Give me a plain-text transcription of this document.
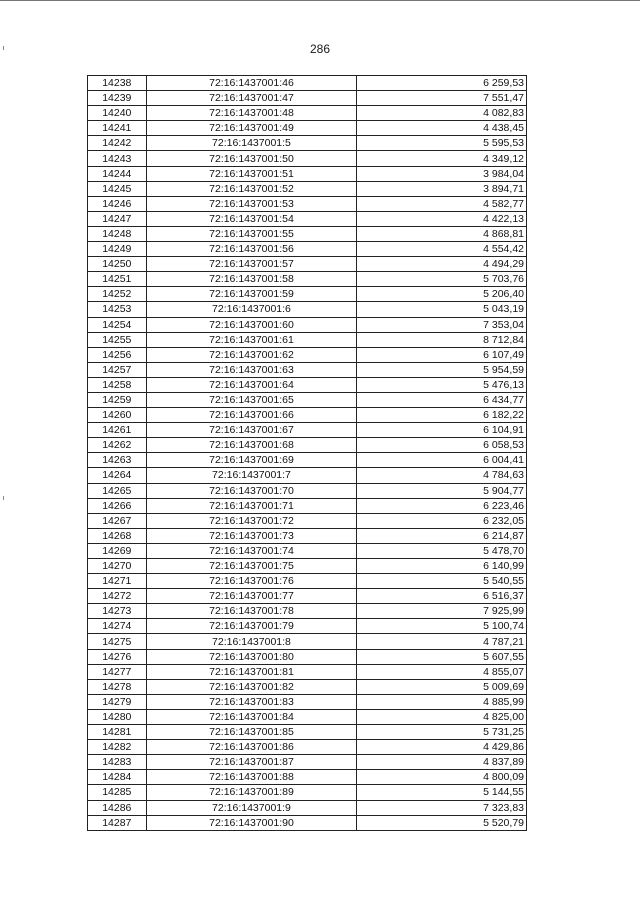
286
14238	72:16:1437001:46	6 259,53
14239	72:16:1437001:47	7 551,47
14240	72:16:1437001:48	4 082,83
14241	72:16:1437001:49	4 438,45
14242	72:16:1437001:5	5 595,53
14243	72:16:1437001:50	4 349,12
14244	72:16:1437001:51	3 984,04
14245	72:16:1437001:52	3 894,71
14246	72:16:1437001:53	4 582,77
14247	72:16:1437001:54	4 422,13
14248	72:16:1437001:55	4 868,81
14249	72:16:1437001:56	4 554,42
14250	72:16:1437001:57	4 494,29
14251	72:16:1437001:58	5 703,76
14252	72:16:1437001:59	5 206,40
14253	72:16:1437001:6	5 043,19
14254	72:16:1437001:60	7 353,04
14255	72:16:1437001:61	8 712,84
14256	72:16:1437001:62	6 107,49
14257	72:16:1437001:63	5 954,59
14258	72:16:1437001:64	5 476,13
14259	72:16:1437001:65	6 434,77
14260	72:16:1437001:66	6 182,22
14261	72:16:1437001:67	6 104,91
14262	72:16:1437001:68	6 058,53
14263	72:16:1437001:69	6 004,41
14264	72:16:1437001:7	4 784,63
14265	72:16:1437001:70	5 904,77
14266	72:16:1437001:71	6 223,46
14267	72:16:1437001:72	6 232,05
14268	72:16:1437001:73	6 214,87
14269	72:16:1437001:74	5 478,70
14270	72:16:1437001:75	6 140,99
14271	72:16:1437001:76	5 540,55
14272	72:16:1437001:77	6 516,37
14273	72:16:1437001:78	7 925,99
14274	72:16:1437001:79	5 100,74
14275	72:16:1437001:8	4 787,21
14276	72:16:1437001:80	5 607,55
14277	72:16:1437001:81	4 855,07
14278	72:16:1437001:82	5 009,69
14279	72:16:1437001:83	4 885,99
14280	72:16:1437001:84	4 825,00
14281	72:16:1437001:85	5 731,25
14282	72:16:1437001:86	4 429,86
14283	72:16:1437001:87	4 837,89
14284	72:16:1437001:88	4 800,09
14285	72:16:1437001:89	5 144,55
14286	72:16:1437001:9	7 323,83
14287	72:16:1437001:90	5 520,79
